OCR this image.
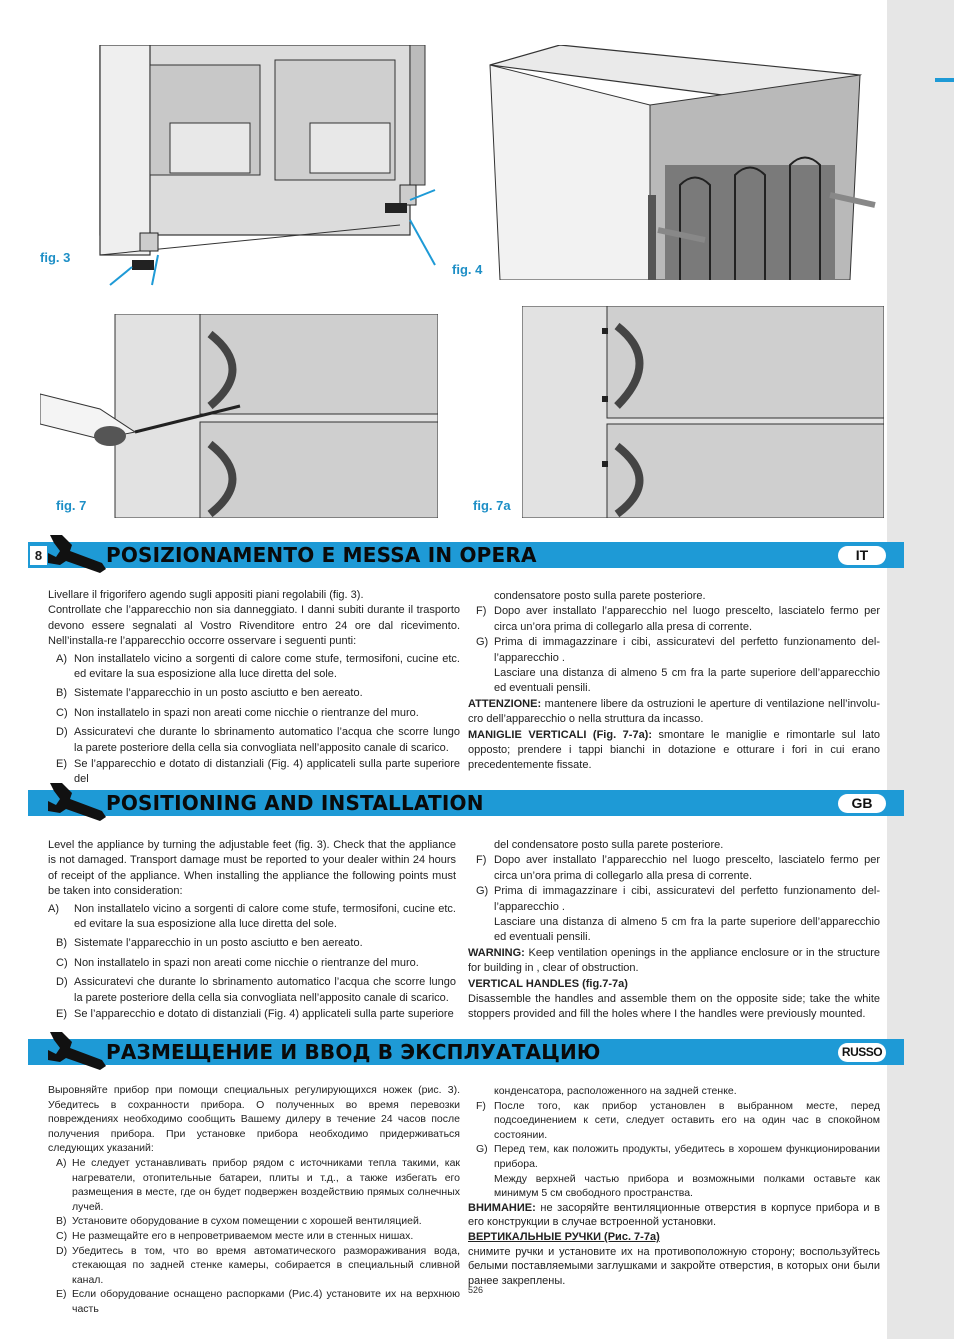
fig. 3
fig. 4
fig. 7	fig. 7a
8	POSIZIONAMENTO E MESSA IN OPERA	IT

Livellare il frigorifero agendo sugli appositi piani regolabili (fig. 3).

Controllate che l’apparecchio non sia danneggiato. I danni subiti durante il trasporto devono essere segnalati al Vostro Rivenditore entro 24 ore dal ricevimento. Nell’installa-re l’apparecchio occorre osservare i seguenti punti:

A) Non installatelo vicino a sorgenti di calore come stufe, termosifoni, cucine etc. ed evitare la sua esposizione alla luce diretta del sole.
B) Sistemate l’apparecchio in un posto asciutto e ben aereato.
C) Non installatelo in spazi non areati come nicchie o rientranze del muro.
D) Assicuratevi che durante lo sbrinamento automatico l’acqua che scorre lungo la parete posteriore della cella sia convogliata nell’apposito canale di scarico.
E) Se l’apparecchio e dotato di distanziali (Fig. 4) applicateli sulla parte superiore del
condensatore posto sulla parete posteriore.
F) Dopo aver installato l’apparecchio nel luogo prescelto, lasciatelo fermo per circa un’ora prima di collegarlo alla presa di corrente.
G) Prima di immagazzinare i cibi, assicuratevi del perfetto funzionamento del-l’apparecchio .
Lasciare una distanza di almeno 5 cm fra la parte superiore dell’apparecchio ed eventuali pensili.

ATTENZIONE: mantenere libere da ostruzioni le aperture di ventilazione nell’involu-cro dell’apparecchio o nella struttura da incasso.

MANIGLIE VERTICALI (Fig. 7-7a): smontare le maniglie e rimontarle sul lato opposto; prendere i tappi bianchi in dotazione e otturare i fori in cui erano precedentemente fissate.

POSITIONING AND INSTALLATION	GB

Level the appliance by turning the adjustable feet (fig. 3). Check that the appliance is not damaged. Transport damage must be reported to your dealer within 24 hours of receipt of the appliance. When installing the appliance the following points must be taken into consideration:

A) Non installatelo vicino a sorgenti di calore come stufe, termosifoni, cucine etc. ed evitare la sua esposizione alla luce diretta del sole.
B) Sistemate l’apparecchio in un posto asciutto e ben aereato.
C) Non installatelo in spazi non areati come nicchie o rientranze del muro.
D) Assicuratevi che durante lo sbrinamento automatico l’acqua che scorre lungo la parete posteriore della cella sia convogliata nell’apposito canale di scarico.
E) Se l’apparecchio e dotato di distanziali (Fig. 4) applicateli sulla parte superiore
del condensatore posto sulla parete posteriore.
F) Dopo aver installato l’apparecchio nel luogo prescelto, lasciatelo fermo per circa un’ora prima di collegarlo alla presa di corrente.
G) Prima di immagazzinare i cibi, assicuratevi del perfetto funzionamento del-l’apparecchio .
Lasciare una distanza di almeno 5 cm fra la parte superiore dell’apparecchio ed eventuali pensili.

WARNING: Keep ventilation openings in the appliance enclosure or in the structure for building in , clear of obstruction.

VERTICAL HANDLES (fig.7-7a)

Disassemble the handles and assemble them on the opposite side; take the white stoppers provided and fill the holes where I the handles were previously mounted.

РАЗМЕЩЕНИЕ И ВВОД В ЭКСПЛУАТАЦИЮ	RUSSO

Выровняйте прибор при помощи специальных регулирующихся ножек (рис. 3). Убедитесь в сохранности прибора. О полученных во время перевозки повреждениях необходимо сообщить Вашему дилеру в течение 24 часов после получения прибора. При установке прибора необходимо придерживаться следующих указаний:

A) Не следует устанавливать прибор рядом с источниками тепла такими, как нагреватели, отопительные батареи, плиты и т.д., а также избегать его размещения в месте, где он будет подвержен воздействию прямых солнечных лучей.
B) Установите оборудование в сухом помещении с хорошей вентиляцией.
C) Не размещайте его в непроветриваемом месте или в стенных нишах.
D) Убедитесь в том, что во время автоматического размораживания вода, стекающая по задней стенке камеры, собирается в специальный сливной канал.
E) Если оборудование оснащено распорками (Рис.4) установите их на верхнюю часть
конденсатора, расположенного на задней стенке.
F) После того, как прибор установлен в выбранном месте, перед подсоединением к сети, следует оставить его на один час в спокойном состоянии.
G) Перед тем, как положить продукты, убедитесь в хорошем функционировании прибора.
Между верхней частью прибора и возможными полками оставьте как минимум 5 см свободного пространства.

ВНИМАНИЕ: не засоряйте вентиляционные отверстия в корпусе прибора и в его конструкции в случае встроенной установки.

ВЕРТИКАЛЬНЫЕ РУЧКИ (Рис. 7-7а)

снимите ручки и установите их на противоположную сторону; воспользуйтесь белыми поставляемыми заглушками и закройте отверстия, в которых они были ранее закреплены.

526
